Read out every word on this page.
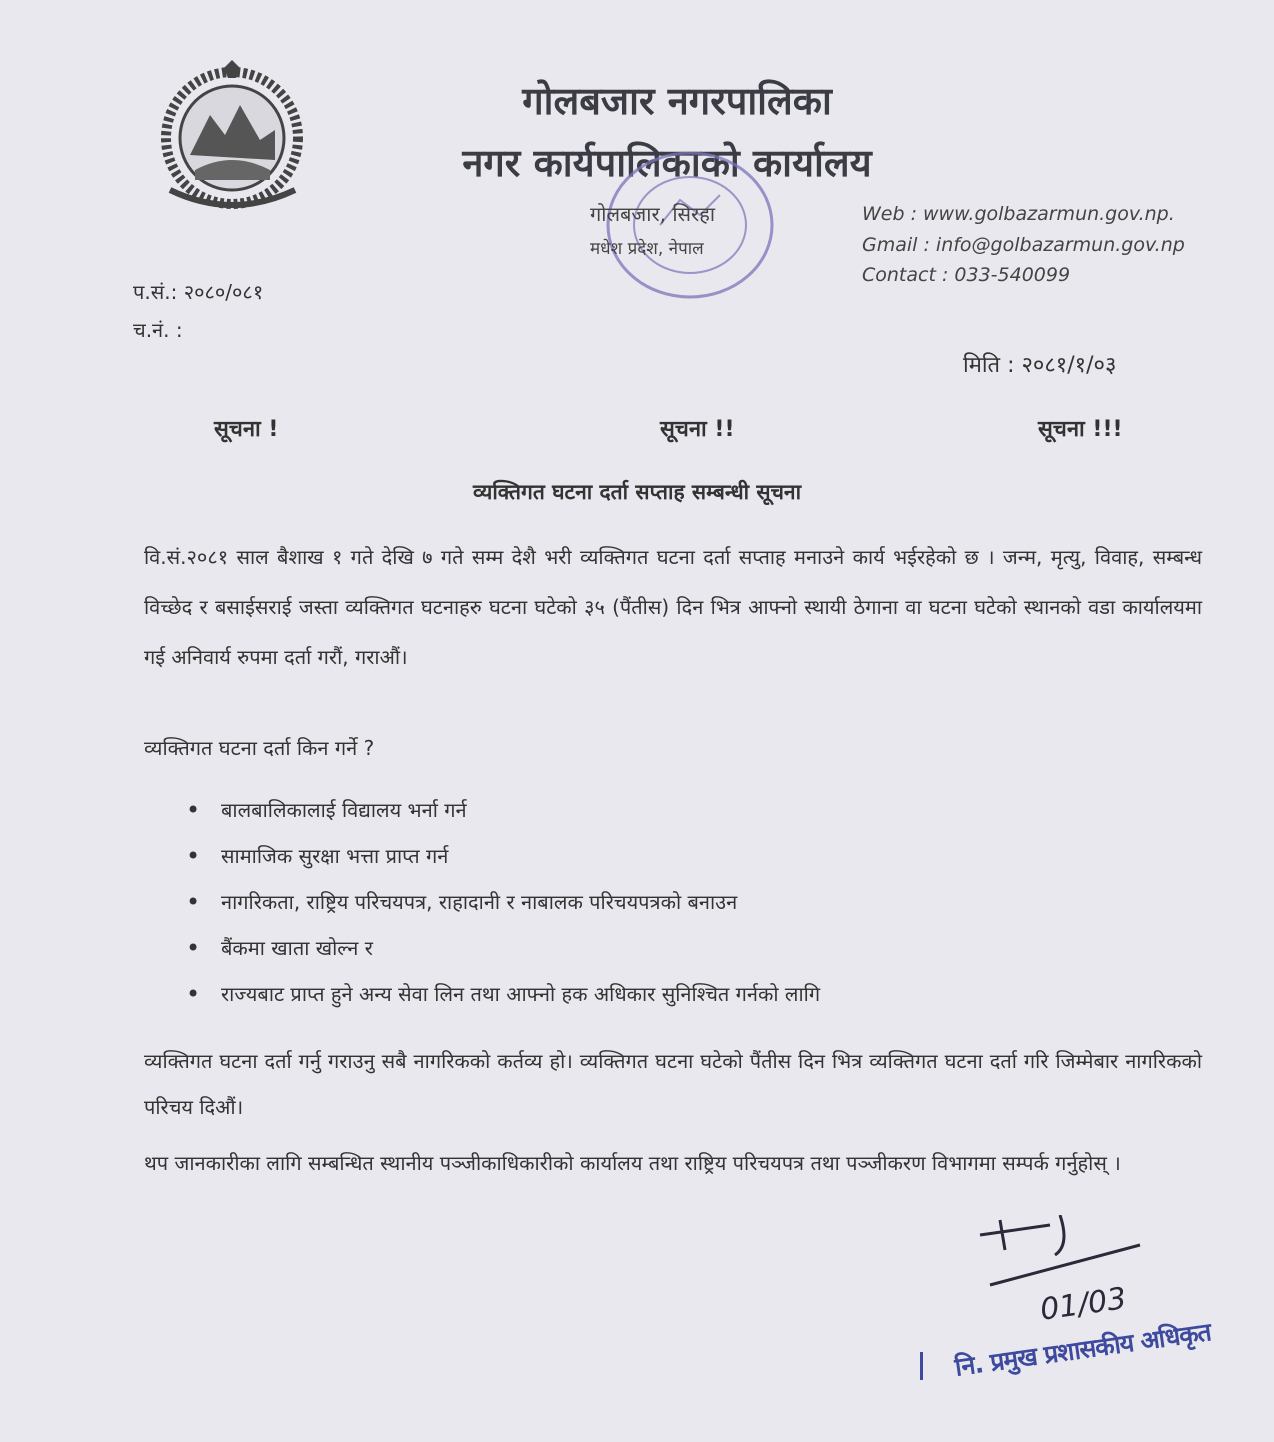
गोलबजार नगरपालिका
नगर कार्यपालिकाको कार्यालय
गोलबजार, सिरहा
मधेश प्रदेश, नेपाल
Web : www.golbazarmun.gov.np.
Gmail : info@golbazarmun.gov.np
Contact : 033-540099
प.सं.: २०८०/०८१
च.नं. :
मिति : २०८१/१/०३
सूचना !	सूचना !!	सूचना !!!
व्यक्तिगत घटना दर्ता सप्ताह सम्बन्धी सूचना
वि.सं.२०८१ साल बैशाख १ गते देखि ७ गते सम्म देशै भरी व्यक्तिगत घटना दर्ता सप्ताह मनाउने कार्य भईरहेको छ । जन्म, मृत्यु, विवाह, सम्बन्ध विच्छेद र बसाईसराई जस्ता व्यक्तिगत घटनाहरु घटना घटेको ३५ (पैंतीस) दिन भित्र आफ्नो स्थायी ठेगाना वा घटना घटेको स्थानको वडा कार्यालयमा गई अनिवार्य रुपमा दर्ता गरौं, गराऔं।
व्यक्तिगत घटना दर्ता किन गर्ने ?
• बालबालिकालाई विद्यालय भर्ना गर्न
• सामाजिक सुरक्षा भत्ता प्राप्त गर्न
• नागरिकता, राष्ट्रिय परिचयपत्र, राहादानी र नाबालक परिचयपत्रको बनाउन
• बैंकमा खाता खोल्न र
• राज्यबाट प्राप्त हुने अन्य सेवा लिन तथा आफ्नो हक अधिकार सुनिश्चित गर्नको लागि
व्यक्तिगत घटना दर्ता गर्नु गराउनु सबै नागरिकको कर्तव्य हो। व्यक्तिगत घटना घटेको पैंतीस दिन भित्र व्यक्तिगत घटना दर्ता गरि जिम्मेबार नागरिकको परिचय दिऔं।
थप जानकारीका लागि सम्बन्धित स्थानीय पञ्जीकाधिकारीको कार्यालय तथा राष्ट्रिय परिचयपत्र तथा पञ्जीकरण विभागमा सम्पर्क गर्नुहोस् ।
01/03
नि. प्रमुख प्रशासकीय अधिकृत
